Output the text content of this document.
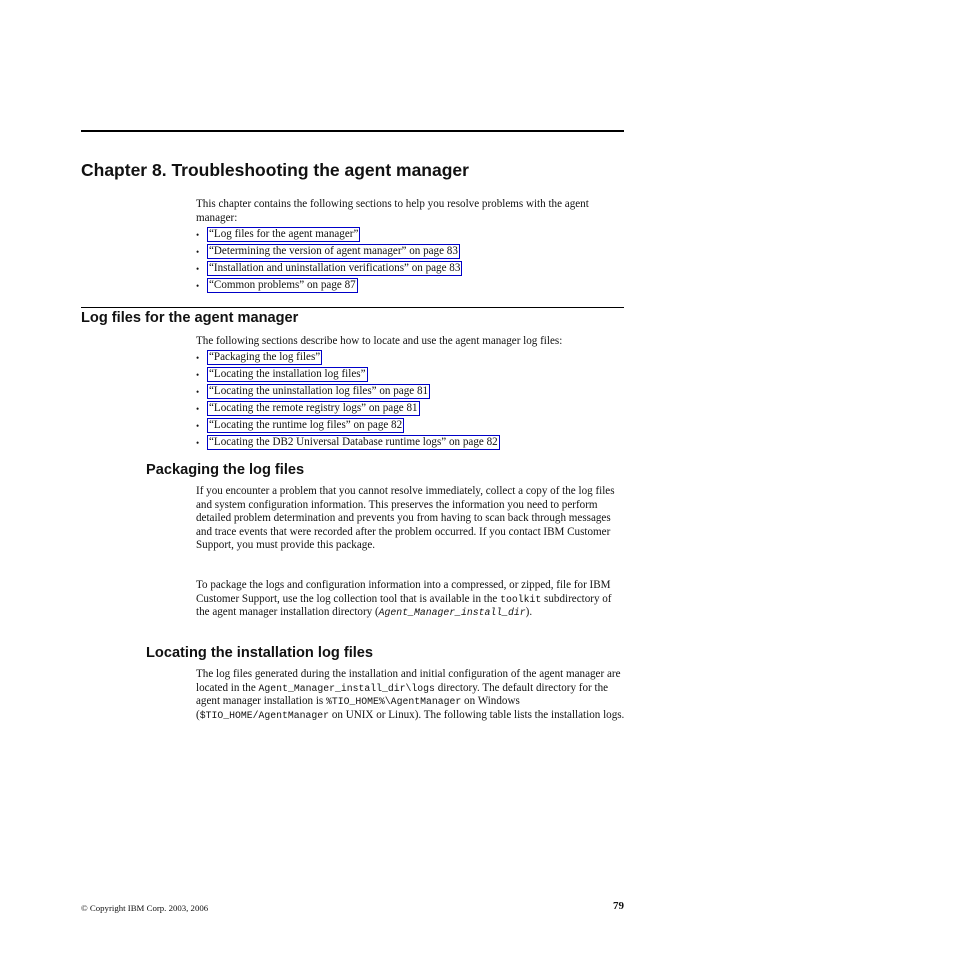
Chapter 8. Troubleshooting the agent manager

This chapter contains the following sections to help you resolve problems with the agent manager:

• “Log files for the agent manager”
• “Determining the version of agent manager” on page 83
• “Installation and uninstallation verifications” on page 83
• “Common problems” on page 87
Log files for the agent manager

The following sections describe how to locate and use the agent manager log files:

• “Packaging the log files”
• “Locating the installation log files”
• “Locating the uninstallation log files” on page 81
• “Locating the remote registry logs” on page 81
• “Locating the runtime log files” on page 82
• “Locating the DB2 Universal Database runtime logs” on page 82
Packaging the log files

If you encounter a problem that you cannot resolve immediately, collect a copy of the log files and system configuration information. This preserves the information you need to perform detailed problem determination and prevents you from having to scan back through messages and trace events that were recorded after the problem occurred. If you contact IBM Customer Support, you must provide this package.

To package the logs and configuration information into a compressed, or zipped, file for IBM Customer Support, use the log collection tool that is available in the toolkit subdirectory of the agent manager installation directory (Agent_Manager_install_dir).

Locating the installation log files

The log files generated during the installation and initial configuration of the agent manager are located in the Agent_Manager_install_dir\logs directory. The default directory for the agent manager installation is %TIO_HOME%\AgentManager on Windows ($TIO_HOME/AgentManager on UNIX or Linux). The following table lists the installation logs.

© Copyright IBM Corp. 2003, 2006	79
